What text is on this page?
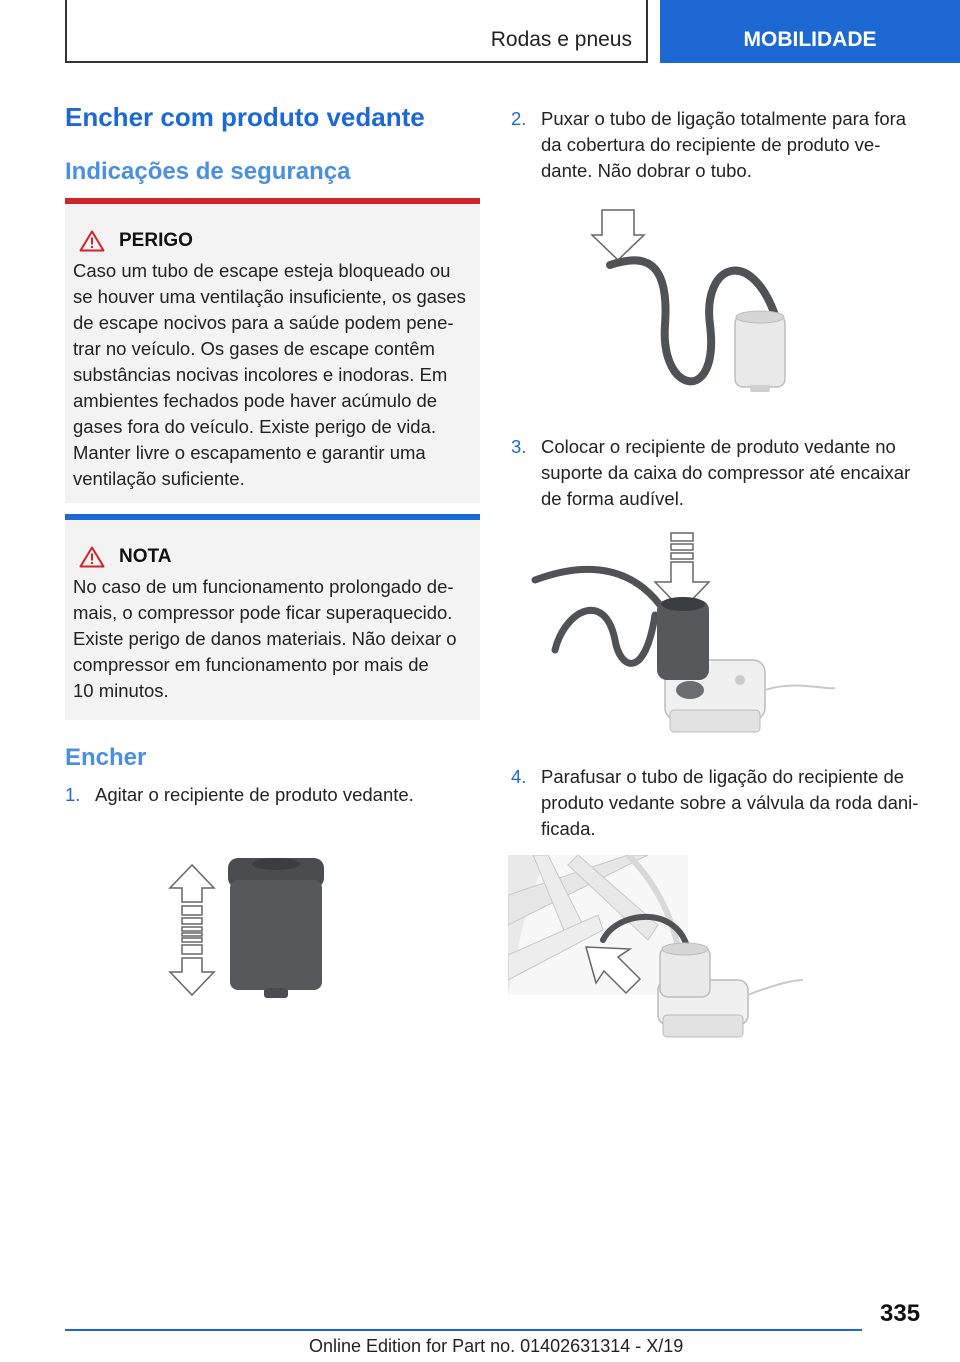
Rodas e pneus	MOBILIDADE
Encher com produto vedante
Indicações de segurança
PERIGO
Caso um tubo de escape esteja bloqueado ou
se houver uma ventilação insuficiente, os gases
de escape nocivos para a saúde podem pene-
trar no veículo. Os gases de escape contêm
substâncias nocivas incolores e inodoras. Em
ambientes fechados pode haver acúmulo de
gases fora do veículo. Existe perigo de vida.
Manter livre o escapamento e garantir uma
ventilação suficiente.
NOTA
No caso de um funcionamento prolongado de-
mais, o compressor pode ficar superaquecido.
Existe perigo de danos materiais. Não deixar o
compressor em funcionamento por mais de
10 minutos.
Encher
1. Agitar o recipiente de produto vedante.
2. Puxar o tubo de ligação totalmente para fora
da cobertura do recipiente de produto ve-
dante. Não dobrar o tubo.
3. Colocar o recipiente de produto vedante no
suporte da caixa do compressor até encaixar
de forma audível.
4. Parafusar o tubo de ligação do recipiente de
produto vedante sobre a válvula da roda dani-
ficada.
335
Online Edition for Part no. 01402631314 - X/19
